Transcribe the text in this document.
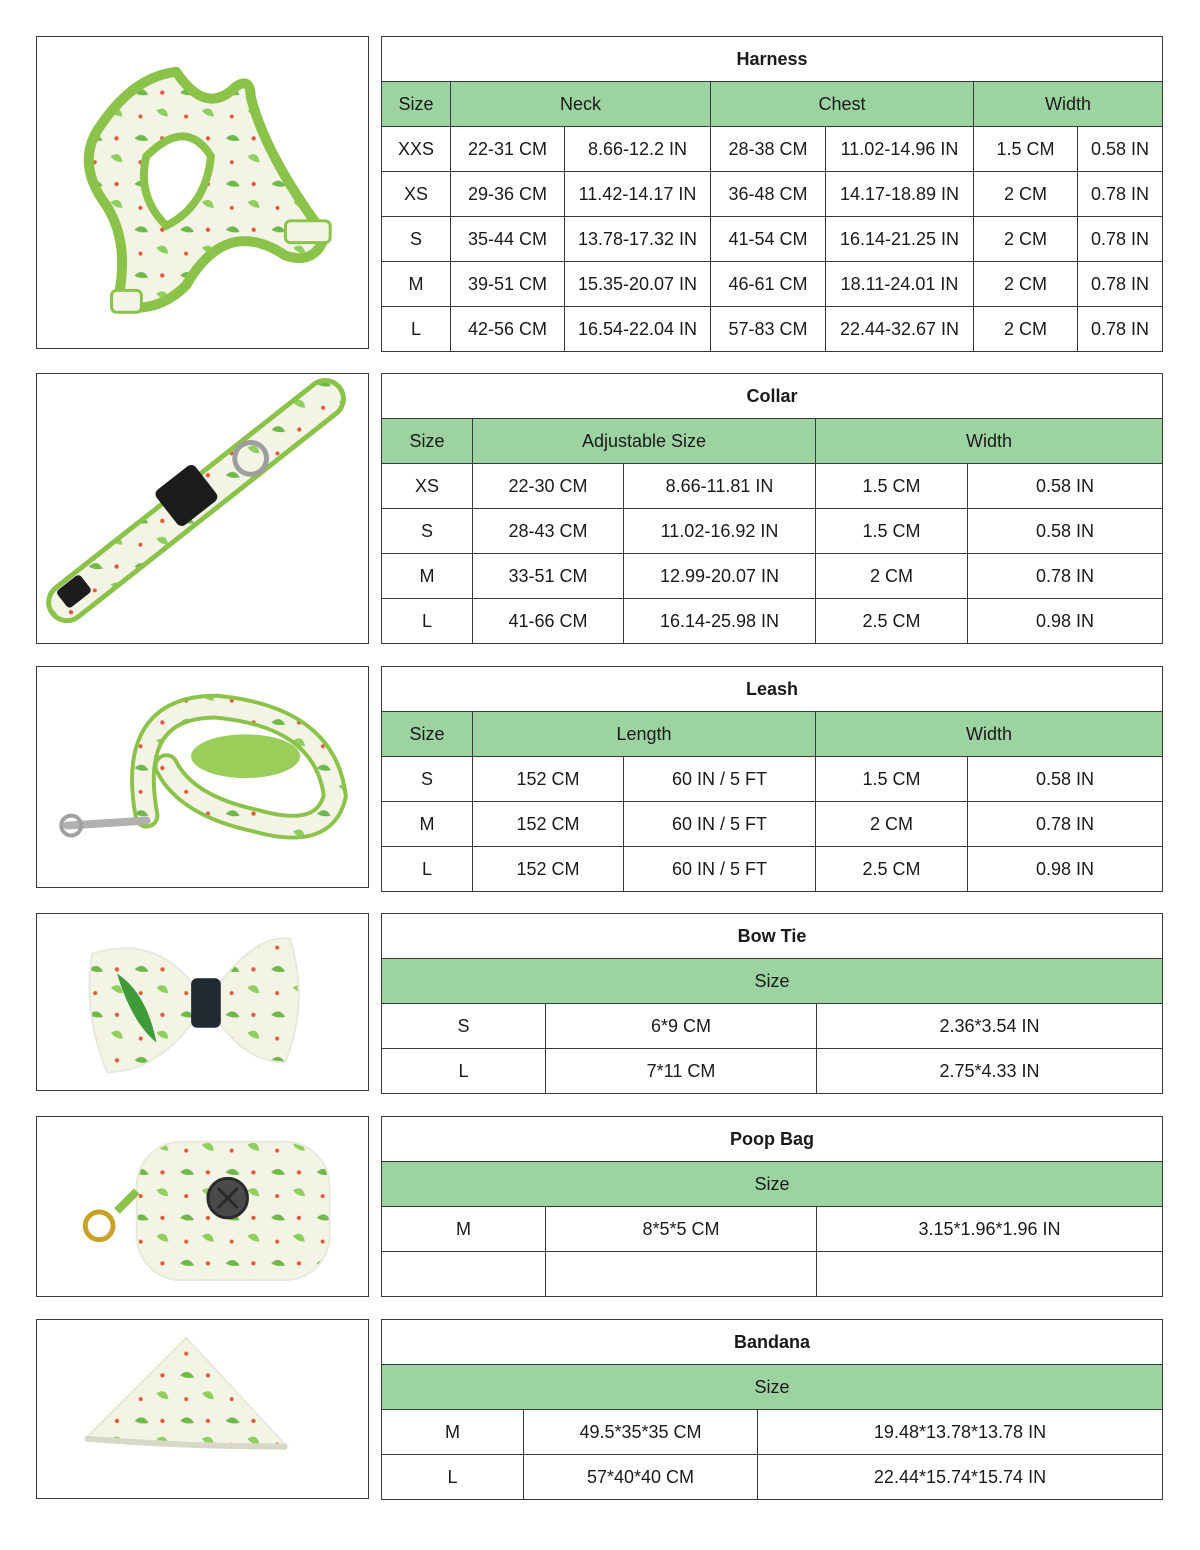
Harness						
Size	Neck		Chest		Width	
XXS	22-31 CM	8.66-12.2 IN	28-38 CM	11.02-14.96 IN	1.5 CM	0.58 IN
XS	29-36 CM	11.42-14.17 IN	36-48 CM	14.17-18.89 IN	2 CM	0.78 IN
S	35-44 CM	13.78-17.32 IN	41-54 CM	16.14-21.25 IN	2 CM	0.78 IN
M	39-51 CM	15.35-20.07 IN	46-61 CM	18.11-24.01 IN	2 CM	0.78 IN
L	42-56 CM	16.54-22.04 IN	57-83 CM	22.44-32.67 IN	2 CM	0.78 IN
Collar				
Size	Adjustable Size		Width	
XS	22-30 CM	8.66-11.81 IN	1.5 CM	0.58 IN
S	28-43 CM	11.02-16.92 IN	1.5 CM	0.58 IN
M	33-51 CM	12.99-20.07 IN	2 CM	0.78 IN
L	41-66 CM	16.14-25.98 IN	2.5 CM	0.98 IN
Leash				
Size	Length		Width	
S	152 CM	60 IN / 5 FT	1.5 CM	0.58 IN
M	152 CM	60 IN / 5 FT	2 CM	0.78 IN
L	152 CM	60 IN / 5 FT	2.5 CM	0.98 IN
Bow Tie		
Size		
S	6*9 CM	2.36*3.54 IN
L	7*11 CM	2.75*4.33 IN
Poop Bag		
Size		
M	8*5*5 CM	3.15*1.96*1.96 IN

Bandana		
Size		
M	49.5*35*35 CM	19.48*13.78*13.78 IN
L	57*40*40 CM	22.44*15.74*15.74 IN
